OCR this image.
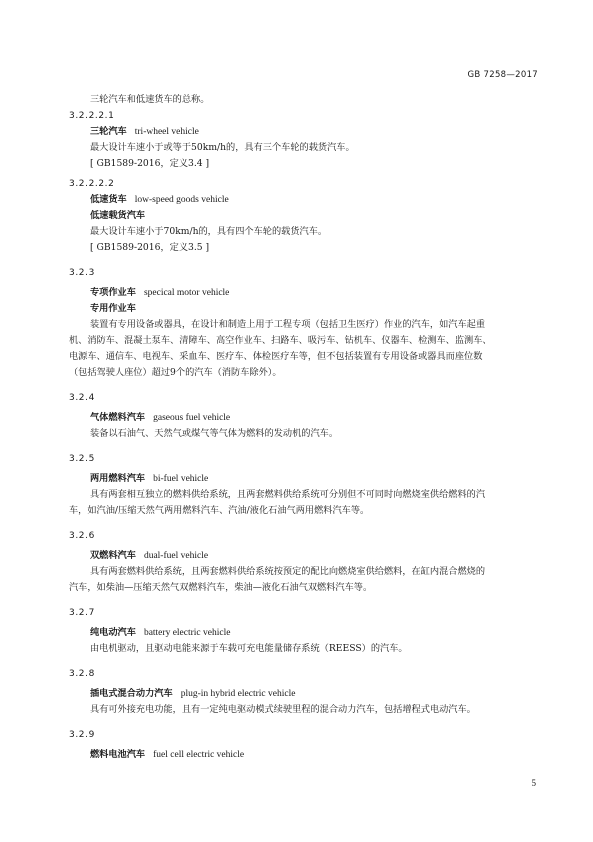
GB 7258—2017
三轮汽车和低速货车的总称。
3.2.2.2.1
三轮汽车 tri-wheel vehicle
最大设计车速小于或等于50km/h的，具有三个车轮的载货汽车。
[ GB1589-2016，定义3.4 ]
3.2.2.2.2
低速货车 low-speed goods vehicle
低速载货汽车
最大设计车速小于70km/h的，具有四个车轮的载货汽车。
[ GB1589-2016，定义3.5 ]
3.2.3
专项作业车 specical motor vehicle
专用作业车
装置有专用设备或器具，在设计和制造上用于工程专项（包括卫生医疗）作业的汽车，如汽车起重
机、消防车、混凝土泵车、清障车、高空作业车、扫路车、吸污车、钻机车、仪器车、检测车、监测车、
电源车、通信车、电视车、采血车、医疗车、体检医疗车等，但不包括装置有专用设备或器具而座位数
（包括驾驶人座位）超过9个的汽车（消防车除外）。
3.2.4
气体燃料汽车 gaseous fuel vehicle
装备以石油气、天然气或煤气等气体为燃料的发动机的汽车。
3.2.5
两用燃料汽车 bi-fuel vehicle
具有两套相互独立的燃料供给系统，且两套燃料供给系统可分别但不可同时向燃烧室供给燃料的汽
车，如汽油/压缩天然气两用燃料汽车、汽油/液化石油气两用燃料汽车等。
3.2.6
双燃料汽车 dual-fuel vehicle
具有两套燃料供给系统，且两套燃料供给系统按预定的配比向燃烧室供给燃料，在缸内混合燃烧的
汽车，如柴油—压缩天然气双燃料汽车，柴油—液化石油气双燃料汽车等。
3.2.7
纯电动汽车 battery electric vehicle
由电机驱动，且驱动电能来源于车载可充电能量储存系统（REESS）的汽车。
3.2.8
插电式混合动力汽车 plug-in hybrid electric vehicle
具有可外接充电功能，且有一定纯电驱动模式续驶里程的混合动力汽车，包括增程式电动汽车。
3.2.9
燃料电池汽车 fuel cell electric vehicle
5
